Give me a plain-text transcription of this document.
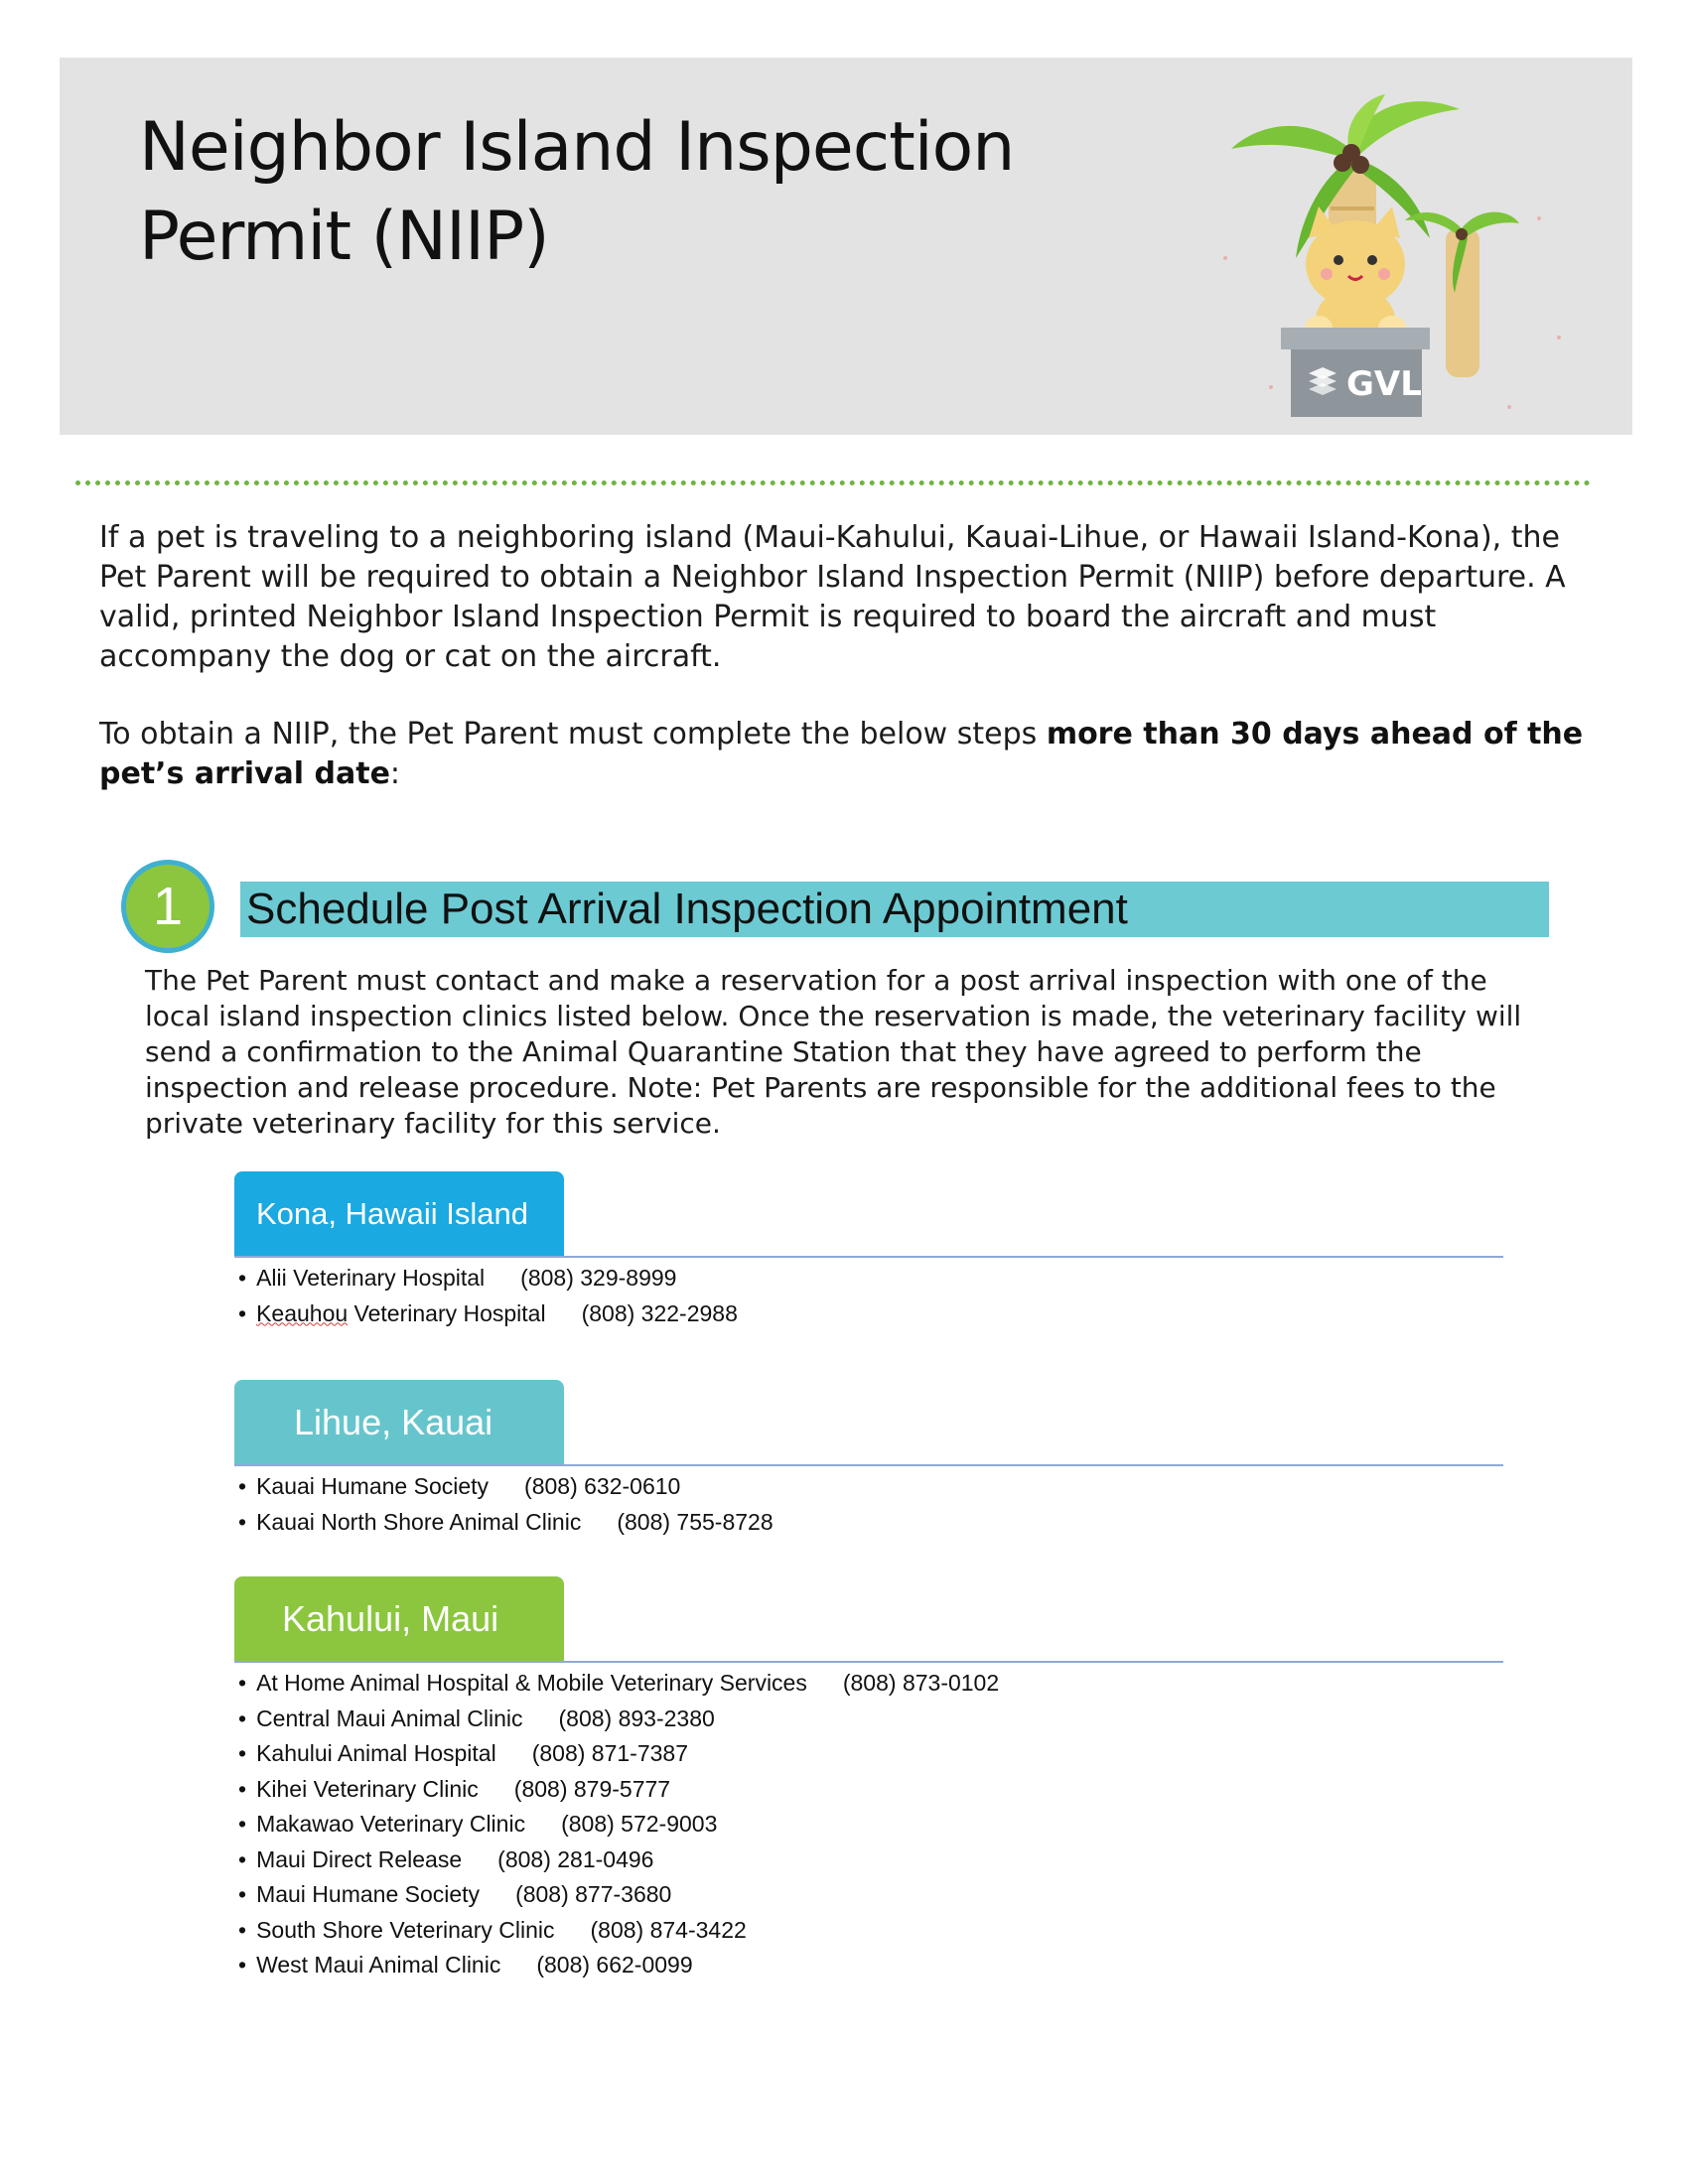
Neighbor Island Inspection
Permit (NIIP)
GVL

If a pet is traveling to a neighboring island (Maui-Kahului, Kauai-Lihue, or Hawaii Island-Kona), the Pet Parent will be required to obtain a Neighbor Island Inspection Permit (NIIP) before departure. A valid, printed Neighbor Island Inspection Permit is required to board the aircraft and must accompany the dog or cat on the aircraft.

To obtain a NIIP, the Pet Parent must complete the below steps more than 30 days ahead of the pet’s arrival date:

1	Schedule Post Arrival Inspection Appointment

The Pet Parent must contact and make a reservation for a post arrival inspection with one of the local island inspection clinics listed below. Once the reservation is made, the veterinary facility will send a confirmation to the Animal Quarantine Station that they have agreed to perform the inspection and release procedure. Note: Pet Parents are responsible for the additional fees to the private veterinary facility for this service.

Kona, Hawaii Island
• Alii Veterinary Hospital (808) 329-8999
• Keauhou Veterinary Hospital (808) 322-2988
Lihue, Kauai
• Kauai Humane Society (808) 632-0610
• Kauai North Shore Animal Clinic (808) 755-8728
Kahului, Maui
• At Home Animal Hospital & Mobile Veterinary Services (808) 873-0102
• Central Maui Animal Clinic (808) 893-2380
• Kahului Animal Hospital (808) 871-7387
• Kihei Veterinary Clinic (808) 879-5777
• Makawao Veterinary Clinic (808) 572-9003
• Maui Direct Release (808) 281-0496
• Maui Humane Society (808) 877-3680
• South Shore Veterinary Clinic (808) 874-3422
• West Maui Animal Clinic (808) 662-0099
